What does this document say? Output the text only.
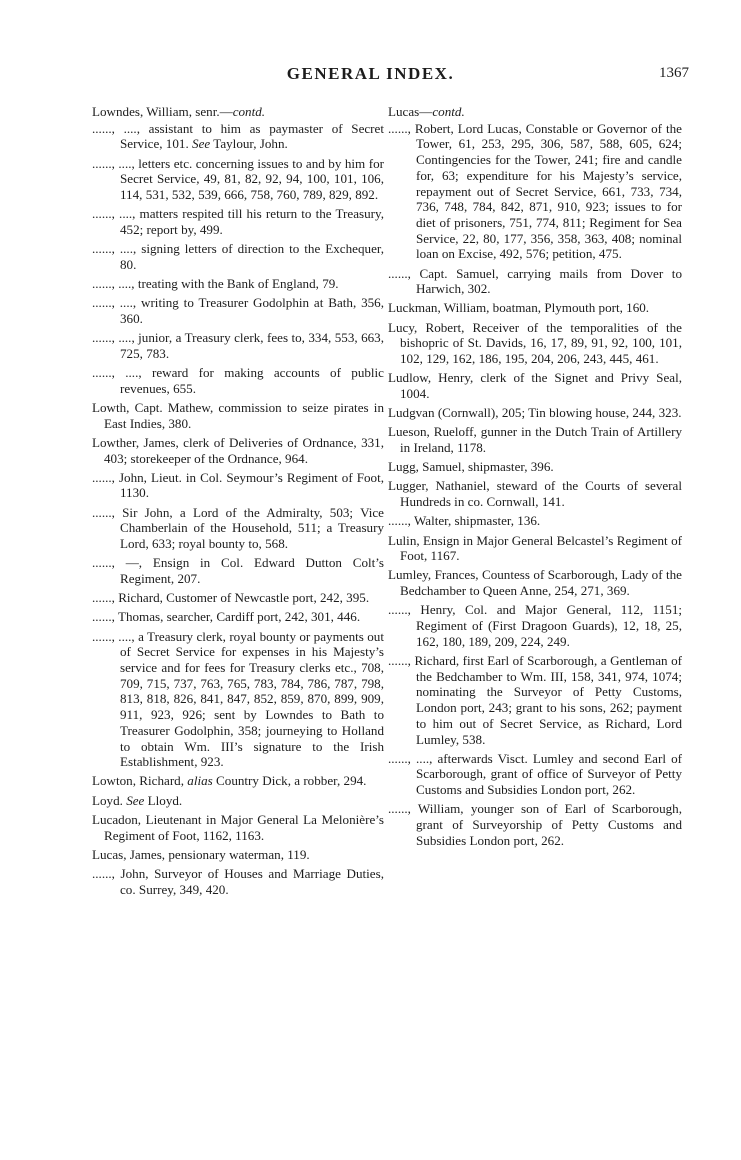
GENERAL INDEX.	1367
Lowndes, William, senr.—contd.
......, ...., assistant to him as paymaster of Secret Service, 101. See Taylour, John.
......, ...., letters etc. concerning issues to and by him for Secret Service, 49, 81, 82, 92, 94, 100, 101, 106, 114, 531, 532, 539, 666, 758, 760, 789, 829, 892.
......, ...., matters respited till his return to the Treasury, 452; report by, 499.
......, ...., signing letters of direction to the Exchequer, 80.
......, ...., treating with the Bank of England, 79.
......, ...., writing to Treasurer Godolphin at Bath, 356, 360.
......, ...., junior, a Treasury clerk, fees to, 334, 553, 663, 725, 783.
......, ...., reward for making accounts of public revenues, 655.
Lowth, Capt. Mathew, commission to seize pirates in East Indies, 380.
Lowther, James, clerk of Deliveries of Ordnance, 331, 403; storekeeper of the Ordnance, 964.
......, John, Lieut. in Col. Seymour’s Regiment of Foot, 1130.
......, Sir John, a Lord of the Admiralty, 503; Vice Chamberlain of the Household, 511; a Treasury Lord, 633; royal bounty to, 568.
......, —, Ensign in Col. Edward Dutton Colt’s Regiment, 207.
......, Richard, Customer of Newcastle port, 242, 395.
......, Thomas, searcher, Cardiff port, 242, 301, 446.
......, ...., a Treasury clerk, royal bounty or payments out of Secret Service for expenses in his Majesty’s service and for fees for Treasury clerks etc., 708, 709, 715, 737, 763, 765, 783, 784, 786, 787, 798, 813, 818, 826, 841, 847, 852, 859, 870, 899, 909, 911, 923, 926; sent by Lowndes to Bath to Treasurer Godolphin, 358; journeying to Holland to obtain Wm. III’s signature to the Irish Establishment, 923.
Lowton, Richard, alias Country Dick, a robber, 294.
Loyd. See Lloyd.
Lucadon, Lieutenant in Major General La Melonière’s Regiment of Foot, 1162, 1163.
Lucas, James, pensionary waterman, 119.
......, John, Surveyor of Houses and Marriage Duties, co. Surrey, 349, 420.
Lucas—contd.
......, Robert, Lord Lucas, Constable or Governor of the Tower, 61, 253, 295, 306, 587, 588, 605, 624; Contingencies for the Tower, 241; fire and candle for, 63; expenditure for his Majesty’s service, repayment out of Secret Service, 661, 733, 734, 736, 748, 784, 842, 871, 910, 923; issues to for diet of prisoners, 751, 774, 811; Regiment for Sea Service, 22, 80, 177, 356, 358, 363, 408; nominal loan on Excise, 492, 576; petition, 475.
......, Capt. Samuel, carrying mails from Dover to Harwich, 302.
Luckman, William, boatman, Plymouth port, 160.
Lucy, Robert, Receiver of the temporalities of the bishopric of St. Davids, 16, 17, 89, 91, 92, 100, 101, 102, 129, 162, 186, 195, 204, 206, 243, 445, 461.
Ludlow, Henry, clerk of the Signet and Privy Seal, 1004.
Ludgvan (Cornwall), 205; Tin blowing house, 244, 323.
Lueson, Rueloff, gunner in the Dutch Train of Artillery in Ireland, 1178.
Lugg, Samuel, shipmaster, 396.
Lugger, Nathaniel, steward of the Courts of several Hundreds in co. Cornwall, 141.
......, Walter, shipmaster, 136.
Lulin, Ensign in Major General Belcastel’s Regiment of Foot, 1167.
Lumley, Frances, Countess of Scarborough, Lady of the Bedchamber to Queen Anne, 254, 271, 369.
......, Henry, Col. and Major General, 112, 1151; Regiment of (First Dragoon Guards), 12, 18, 25, 162, 180, 189, 209, 224, 249.
......, Richard, first Earl of Scarborough, a Gentleman of the Bedchamber to Wm. III, 158, 341, 974, 1074; nominating the Surveyor of Petty Customs, London port, 243; grant to his sons, 262; payment to him out of Secret Service, as Richard, Lord Lumley, 538.
......, ...., afterwards Visct. Lumley and second Earl of Scarborough, grant of office of Surveyor of Petty Customs and Subsidies London port, 262.
......, William, younger son of Earl of Scarborough, grant of Surveyorship of Petty Customs and Subsidies London port, 262.
